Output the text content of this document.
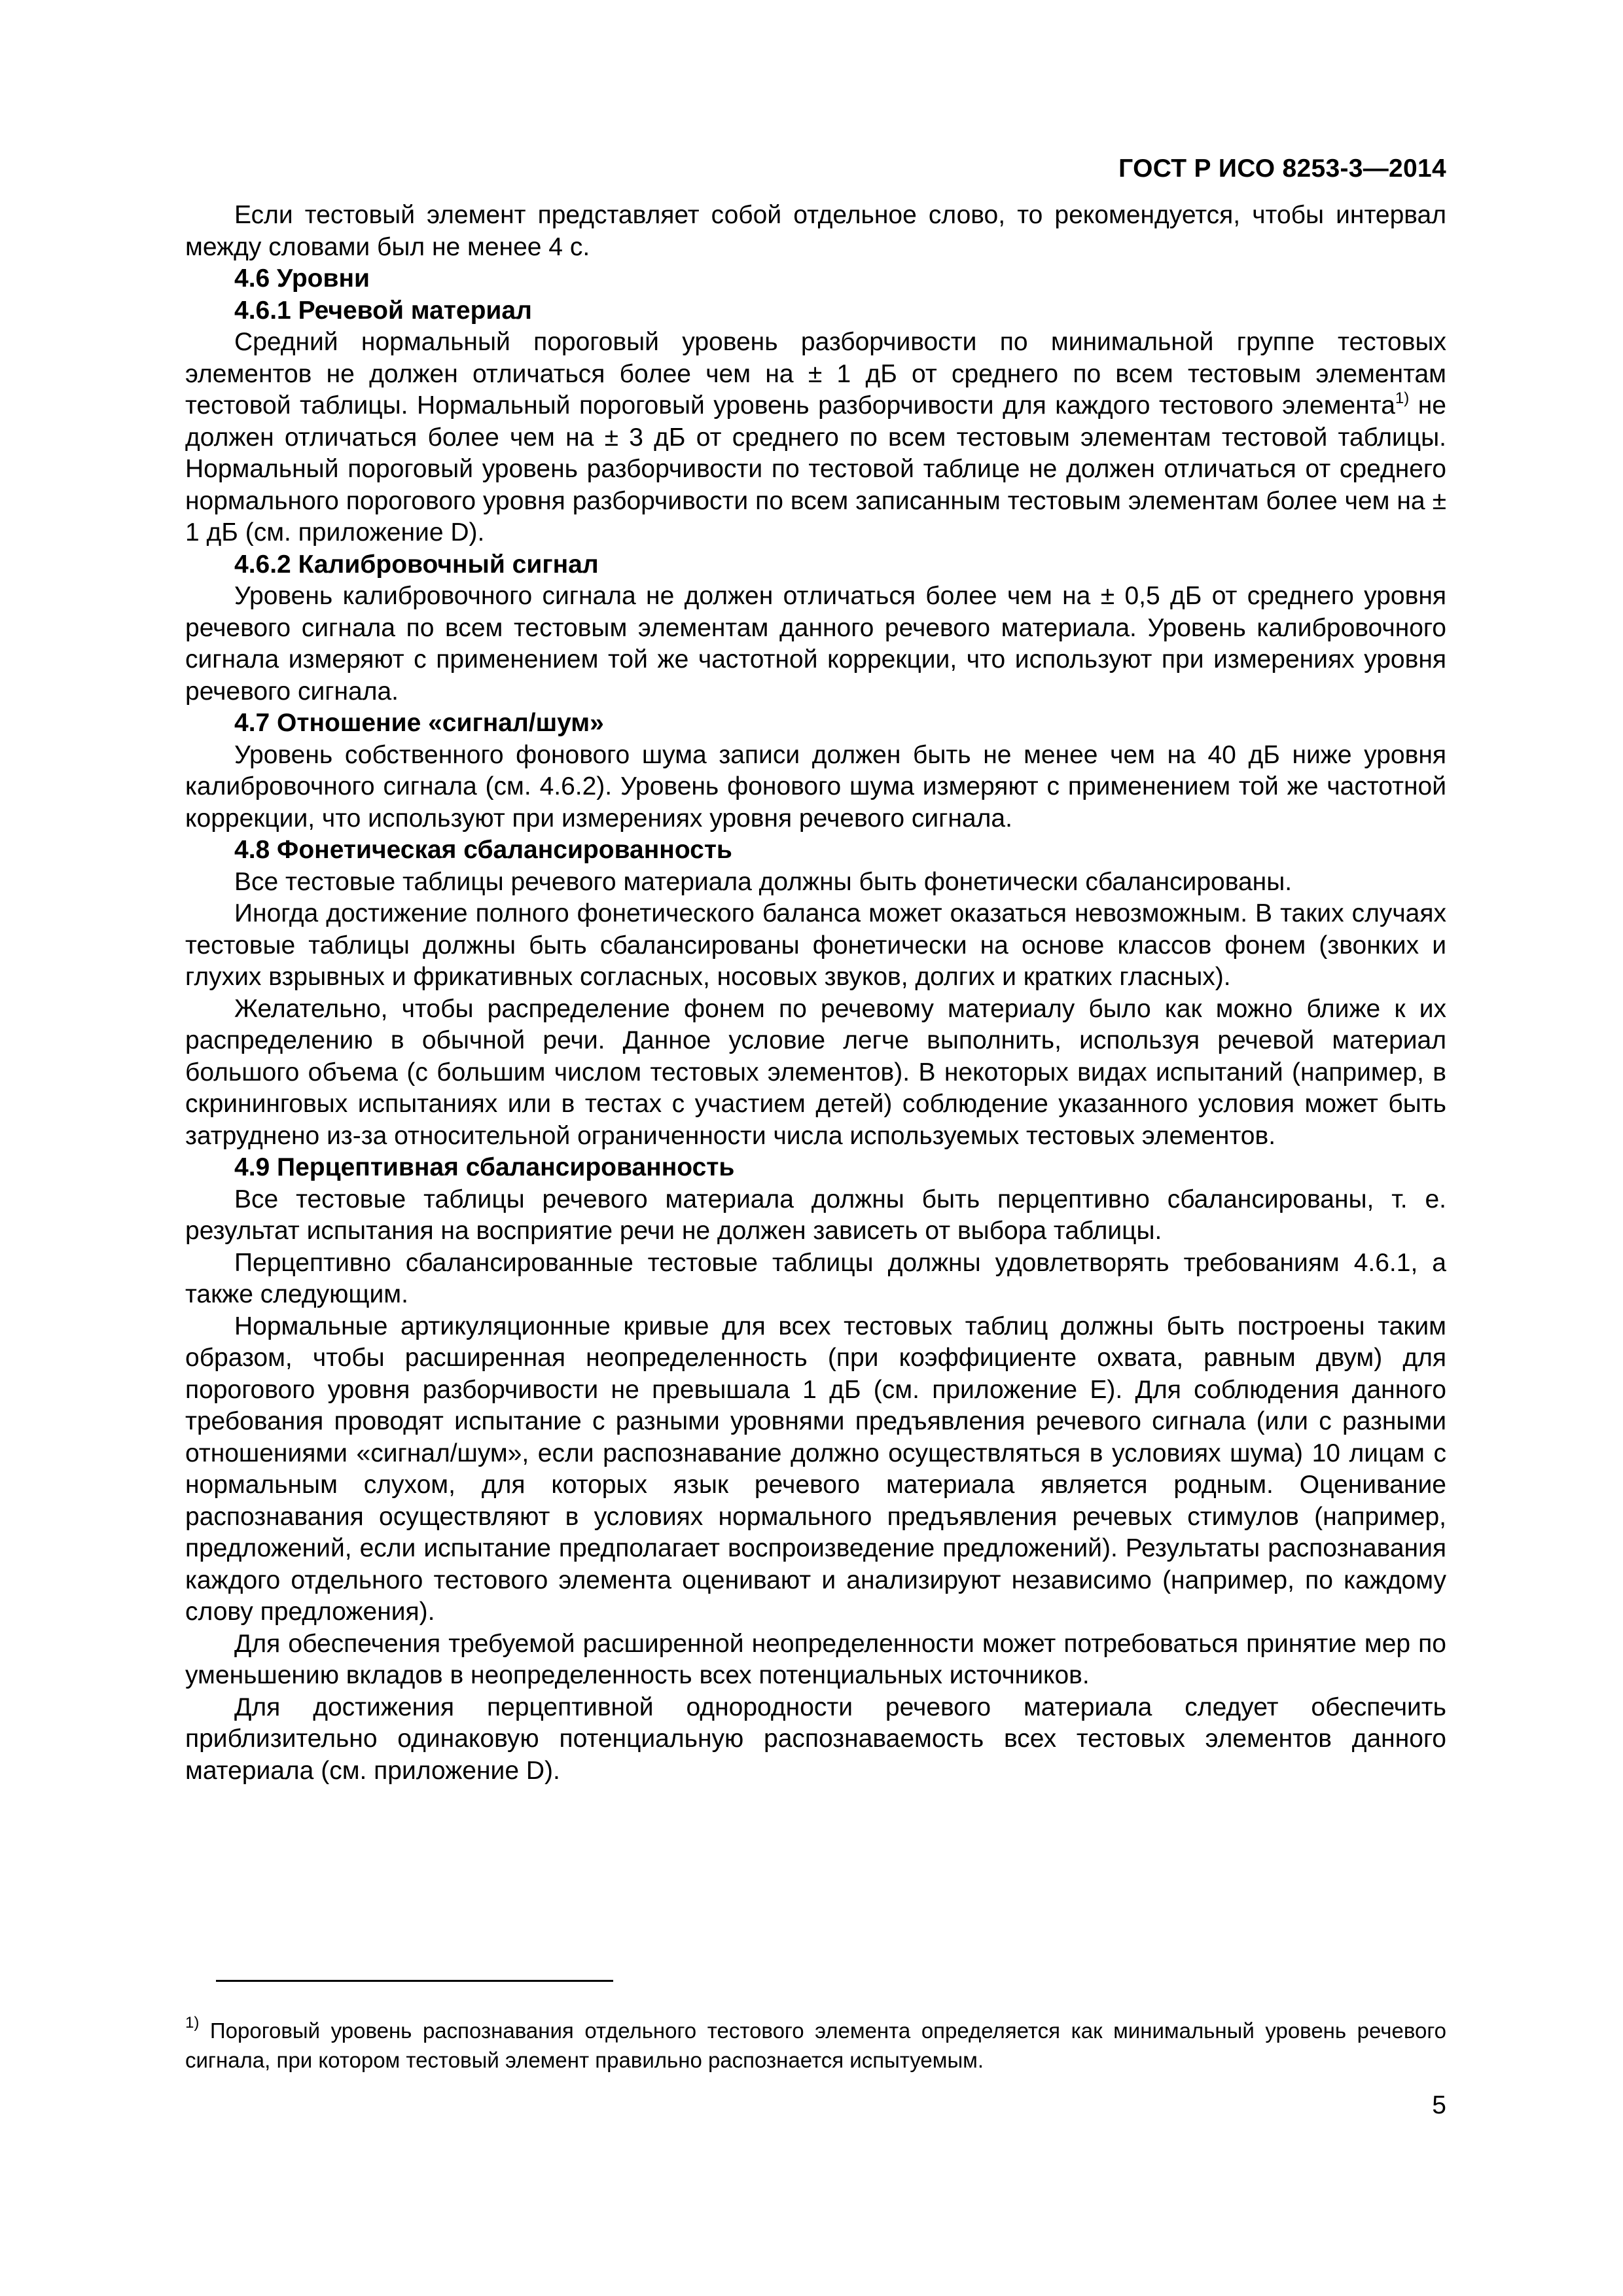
ГОСТ Р ИСО 8253-3—2014

Если тестовый элемент представляет собой отдельное слово, то рекомендуется, чтобы интервал между словами был не менее 4 с.

4.6 Уровни
4.6.1 Речевой материал

Средний нормальный пороговый уровень разборчивости по минимальной группе тестовых элементов не должен отличаться более чем на ± 1 дБ от среднего по всем тестовым элементам тестовой таблицы. Нормальный пороговый уровень разборчивости для каждого тестового элемента$^{1)}$ не должен отличаться более чем на ± 3 дБ от среднего по всем тестовым элементам тестовой таблицы. Нормальный пороговый уровень разборчивости по тестовой таблице не должен отличаться от среднего нормального порогового уровня разборчивости по всем записанным тестовым элементам более чем на ± 1 дБ (см. приложение D).

4.6.2 Калибровочный сигнал

Уровень калибровочного сигнала не должен отличаться более чем на ± 0,5 дБ от среднего уровня речевого сигнала по всем тестовым элементам данного речевого материала. Уровень калибровочного сигнала измеряют с применением той же частотной коррекции, что используют при измерениях уровня речевого сигнала.

4.7 Отношение «сигнал/шум»

Уровень собственного фонового шума записи должен быть не менее чем на 40 дБ ниже уровня калибровочного сигнала (см. 4.6.2). Уровень фонового шума измеряют с применением той же частотной коррекции, что используют при измерениях уровня речевого сигнала.

4.8 Фонетическая сбалансированность

Все тестовые таблицы речевого материала должны быть фонетически сбалансированы.

Иногда достижение полного фонетического баланса может оказаться невозможным. В таких случаях тестовые таблицы должны быть сбалансированы фонетически на основе классов фонем (звонких и глухих взрывных и фрикативных согласных, носовых звуков, долгих и кратких гласных).

Желательно, чтобы распределение фонем по речевому материалу было как можно ближе к их распределению в обычной речи. Данное условие легче выполнить, используя речевой материал большого объема (с большим числом тестовых элементов). В некоторых видах испытаний (например, в скрининговых испытаниях или в тестах с участием детей) соблюдение указанного условия может быть затруднено из-за относительной ограниченности числа используемых тестовых элементов.

4.9 Перцептивная сбалансированность

Все тестовые таблицы речевого материала должны быть перцептивно сбалансированы, т. е. результат испытания на восприятие речи не должен зависеть от выбора таблицы.

Перцептивно сбалансированные тестовые таблицы должны удовлетворять требованиям 4.6.1, а также следующим.

Нормальные артикуляционные кривые для всех тестовых таблиц должны быть построены таким образом, чтобы расширенная неопределенность (при коэффициенте охвата, равным двум) для порогового уровня разборчивости не превышала 1 дБ (см. приложение E). Для соблюдения данного требования проводят испытание с разными уровнями предъявления речевого сигнала (или с разными отношениями «сигнал/шум», если распознавание должно осуществляться в условиях шума) 10 лицам с нормальным слухом, для которых язык речевого материала является родным. Оценивание распознавания осуществляют в условиях нормального предъявления речевых стимулов (например, предложений, если испытание предполагает воспроизведение предложений). Результаты распознавания каждого отдельного тестового элемента оценивают и анализируют независимо (например, по каждому слову предложения).

Для обеспечения требуемой расширенной неопределенности может потребоваться принятие мер по уменьшению вкладов в неопределенность всех потенциальных источников.

Для достижения перцептивной однородности речевого материала следует обеспечить приблизительно одинаковую потенциальную распознаваемость всех тестовых элементов данного материала (см. приложение D).

$^{1)}$ Пороговый уровень распознавания отдельного тестового элемента определяется как минимальный уровень речевого сигнала, при котором тестовый элемент правильно распознается испытуемым.

5
